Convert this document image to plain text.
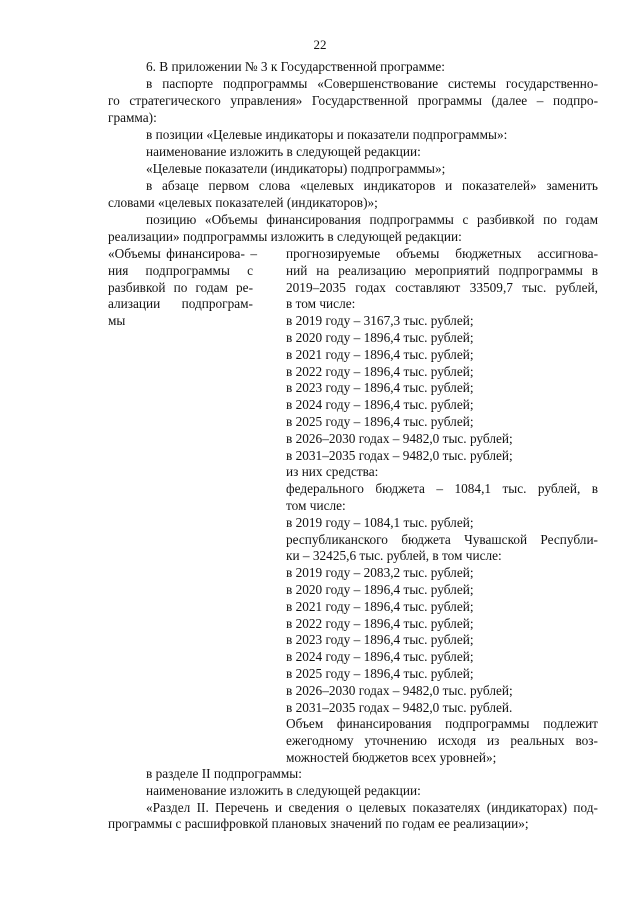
22

6. В приложении № 3 к Государственной программе:

в паспорте подпрограммы «Совершенствование системы государственно-
го стратегического управления» Государственной программы (далее – подпро-
грамма):

в позиции «Целевые индикаторы и показатели подпрограммы»:

наименование изложить в следующей редакции:

«Целевые показатели (индикаторы) подпрограммы»;

в абзаце первом слова «целевых индикаторов и показателей» заменить
словами «целевых показателей (индикаторов)»;
позицию «Объемы финансирования подпрограммы с разбивкой по годам
реализации» подпрограммы изложить в следующей редакции:
«Объемы финансирова- –
ния подпрограммы с
разбивкой по годам ре-
ализации подпрограм-
мы
прогнозируемые объемы бюджетных ассигнова-
ний на реализацию мероприятий подпрограммы в
2019–2035 годах составляют 33509,7 тыс. рублей,
в том числе:
в 2019 году – 3167,3 тыс. рублей;
в 2020 году – 1896,4 тыс. рублей;
в 2021 году – 1896,4 тыс. рублей;
в 2022 году – 1896,4 тыс. рублей;
в 2023 году – 1896,4 тыс. рублей;
в 2024 году – 1896,4 тыс. рублей;
в 2025 году – 1896,4 тыс. рублей;
в 2026–2030 годах – 9482,0 тыс. рублей;
в 2031–2035 годах – 9482,0 тыс. рублей;
из них средства:
федерального бюджета – 1084,1 тыс. рублей, в
том числе:
в 2019 году – 1084,1 тыс. рублей;
республиканского бюджета Чувашской Республи-
ки – 32425,6 тыс. рублей, в том числе:
в 2019 году – 2083,2 тыс. рублей;
в 2020 году – 1896,4 тыс. рублей;
в 2021 году – 1896,4 тыс. рублей;
в 2022 году – 1896,4 тыс. рублей;
в 2023 году – 1896,4 тыс. рублей;
в 2024 году – 1896,4 тыс. рублей;
в 2025 году – 1896,4 тыс. рублей;
в 2026–2030 годах – 9482,0 тыс. рублей;
в 2031–2035 годах – 9482,0 тыс. рублей.
Объем финансирования подпрограммы подлежит
ежегодному уточнению исходя из реальных воз-
можностей бюджетов всех уровней»;
в разделе II подпрограммы:
наименование изложить в следующей редакции:
«Раздел II. Перечень и сведения о целевых показателях (индикаторах) под-
программы с расшифровкой плановых значений по годам ее реализации»;
